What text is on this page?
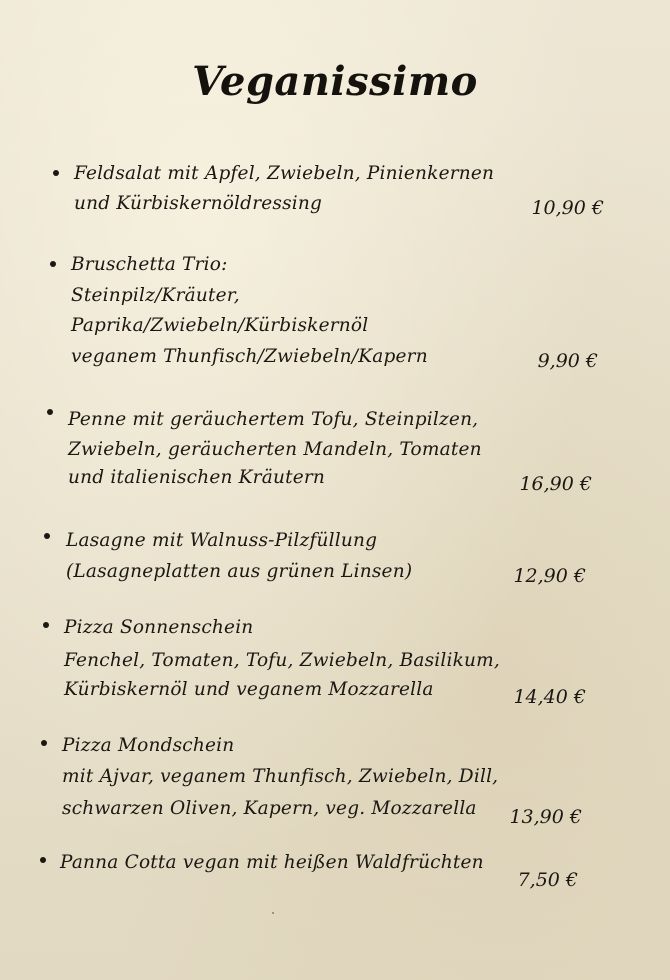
Veganissimo
Feldsalat mit Apfel, Zwiebeln, Pinienkernen
und Kürbiskernöldressing	10,90 €
Bruschetta Trio:
Steinpilz/Kräuter,
Paprika/Zwiebeln/Kürbiskernöl
veganem Thunfisch/Zwiebeln/Kapern	9,90 €
Penne mit geräuchertem Tofu, Steinpilzen,
Zwiebeln, geräucherten Mandeln, Tomaten
und italienischen Kräutern	16,90 €
Lasagne mit Walnuss-Pilzfüllung
(Lasagneplatten aus grünen Linsen)	12,90 €
Pizza Sonnenschein
Fenchel, Tomaten, Tofu, Zwiebeln, Basilikum,
Kürbiskernöl und veganem Mozzarella	14,40 €
Pizza Mondschein
mit Ajvar, veganem Thunfisch, Zwiebeln, Dill,
schwarzen Oliven, Kapern, veg. Mozzarella 13,90 €
Panna Cotta vegan mit heißen Waldfrüchten
7,50 €
